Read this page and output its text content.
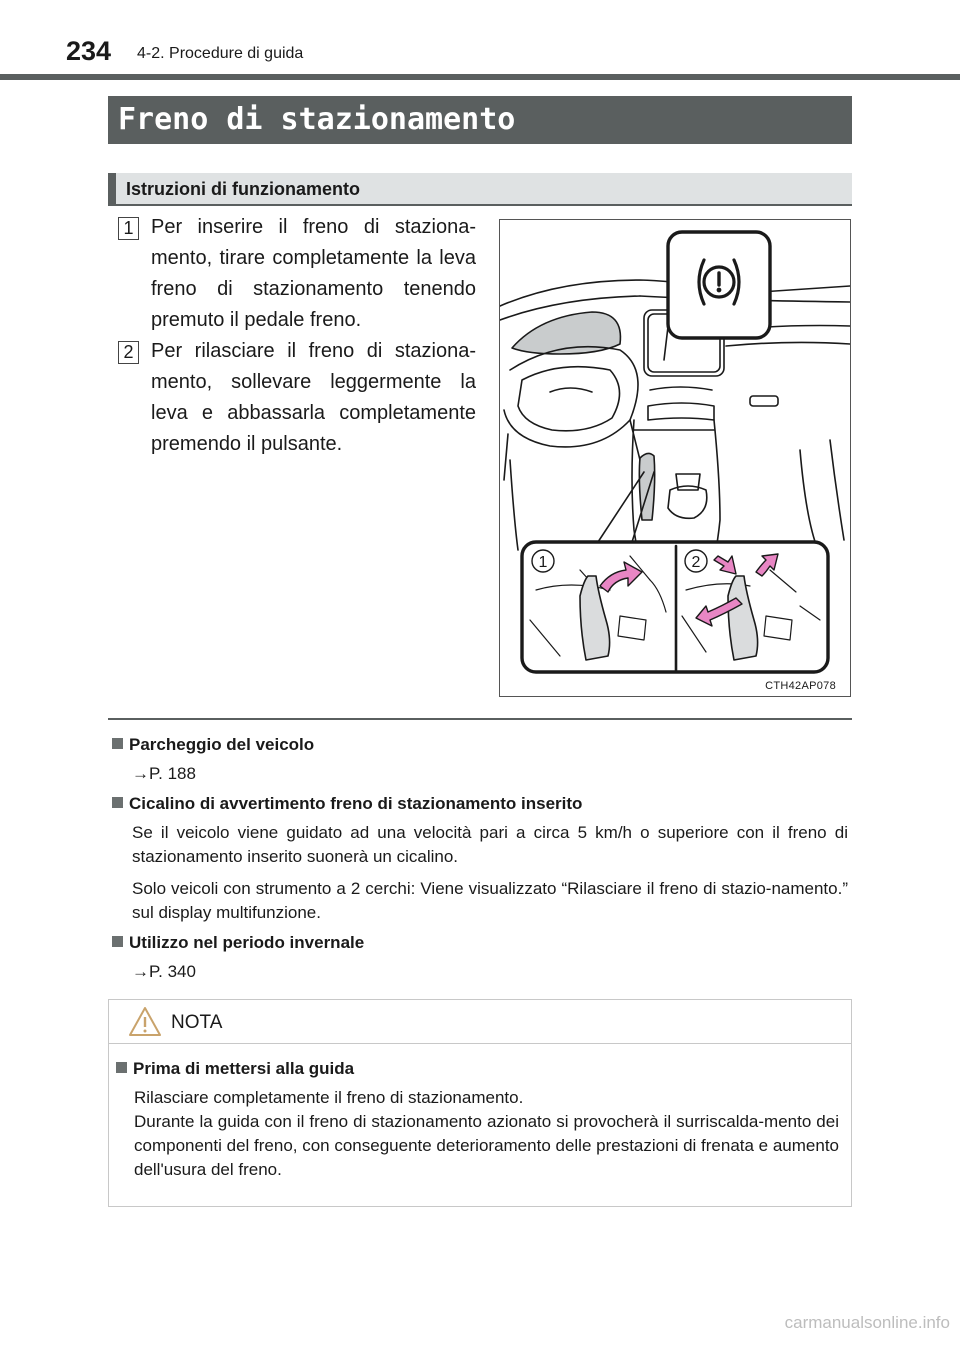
234 4-2. Procedure di guida
Freno di stazionamento
Istruzioni di funzionamento
1 Per inserire il freno di staziona-mento, tirare completamente la leva freno di stazionamento tenendo premuto il pedale freno.
2 Per rilasciare il freno di staziona-mento, sollevare leggermente la leva e abbassarla completamente premendo il pulsante.
1	2
CTH42AP078
Parcheggio del veicolo
→P. 188
Cicalino di avvertimento freno di stazionamento inserito
Se il veicolo viene guidato ad una velocità pari a circa 5 km/h o superiore con il freno di stazionamento inserito suonerà un cicalino.
Solo veicoli con strumento a 2 cerchi: Viene visualizzato “Rilasciare il freno di stazio-namento.” sul display multifunzione.
Utilizzo nel periodo invernale
→P. 340
NOTA
Prima di mettersi alla guida
Rilasciare completamente il freno di stazionamento.
Durante la guida con il freno di stazionamento azionato si provocherà il surriscalda-mento dei componenti del freno, con conseguente deterioramento delle prestazioni di frenata e aumento dell'usura del freno.
carmanualsonline.info
